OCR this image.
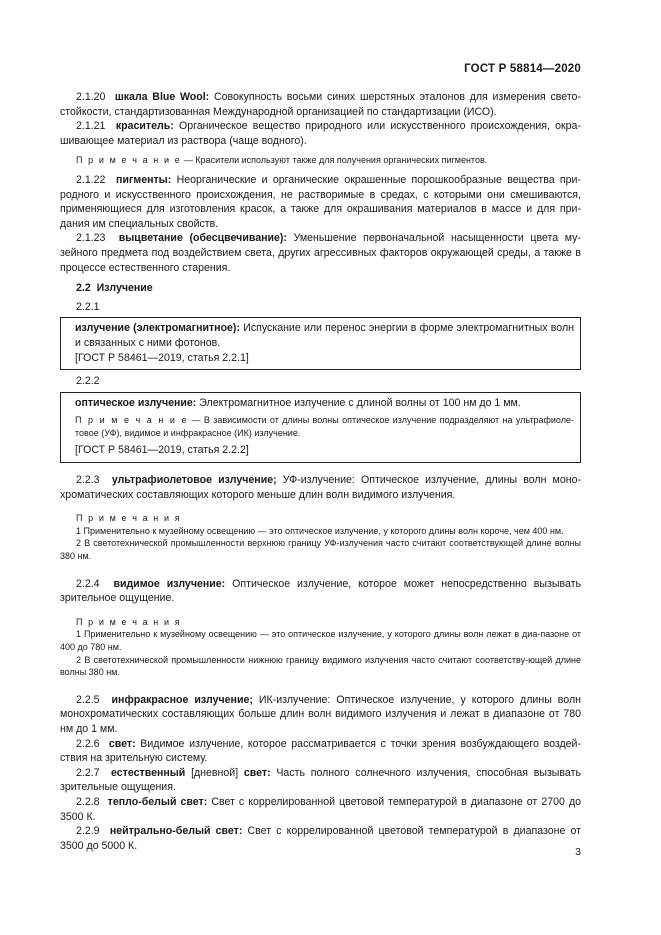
ГОСТ Р 58814—2020

2.1.20 шкала Blue Wool: Совокупность восьми синих шерстяных эталонов для измерения свето-стойкости, стандартизованная Международной организацией по стандартизации (ИСО).

2.1.21 краситель: Органическое вещество природного или искусственного происхождения, окра-шивающее материал из раствора (чаще водного).

П р и м е ч а н и е — Красители используют также для получения органических пигментов.

2.1.22 пигменты: Неорганические и органические окрашенные порошкообразные вещества при-родного и искусственного происхождения, не растворимые в средах, с которыми они смешиваются, применяющиеся для изготовления красок, а также для окрашивания материалов в массе и для при-дания им специальных свойств.

2.1.23 выцветание (обесцвечивание): Уменьшение первоначальной насыщенности цвета му-зейного предмета под воздействием света, других агрессивных факторов окружающей среды, а также в процессе естественного старения.

2.2 Излучение

2.2.1

излучение (электромагнитное): Испускание или перенос энергии в форме электромагнитных волн и связанных с ними фотонов.

[ГОСТ Р 58461—2019, статья 2.2.1]

2.2.2

оптическое излучение: Электромагнитное излучение с длиной волны от 100 нм до 1 мм.

П р и м е ч а н и е — В зависимости от длины волны оптическое излучение подразделяют на ультрафиоле-товое (УФ), видимое и инфракрасное (ИК) излучение.

[ГОСТ Р 58461—2019, статья 2.2.2]

2.2.3 ультрафиолетовое излучение; УФ-излучение: Оптическое излучение, длины волн моно-хроматических составляющих которого меньше длин волн видимого излучения.

П р и м е ч а н и я

1 Применительно к музейному освещению — это оптическое излучение, у которого длины волн короче, чем 400 нм.

2 В светотехнической промышленности верхнюю границу УФ-излучения часто считают соответствующей длине волны 380 нм.

2.2.4 видимое излучение: Оптическое излучение, которое может непосредственно вызывать зрительное ощущение.

П р и м е ч а н и я

1 Применительно к музейному освещению — это оптическое излучение, у которого длины волн лежат в диа-пазоне от 400 до 780 нм.

2 В светотехнической промышленности нижнюю границу видимого излучения часто считают соответству-ющей длине волны 380 нм.

2.2.5 инфракрасное излучение; ИК-излучение: Оптическое излучение, у которого длины волн монохроматических составляющих больше длин волн видимого излучения и лежат в диапазоне от 780 нм до 1 мм.

2.2.6 свет: Видимое излучение, которое рассматривается с точки зрения возбуждающего воздей-ствия на зрительную систему.

2.2.7 естественный [дневной] свет: Часть полного солнечного излучения, способная вызывать зрительные ощущения.

2.2.8 тепло-белый свет: Свет с коррелированной цветовой температурой в диапазоне от 2700 до 3500 К.

2.2.9 нейтрально-белый свет: Свет с коррелированной цветовой температурой в диапазоне от 3500 до 5000 К.

3
